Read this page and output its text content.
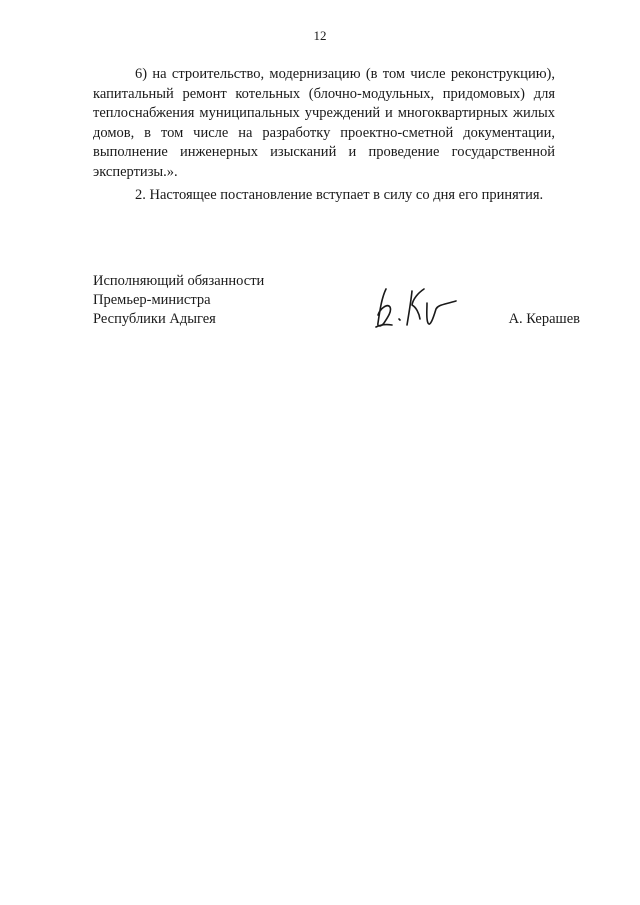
12
6) на строительство, модернизацию (в том числе реконструкцию),
капитальный ремонт котельных (блочно-модульных, придомовых) для
теплоснабжения муниципальных учреждений и многоквартирных жилых
домов, в том числе на разработку проектно-сметной документации,
выполнение инженерных изысканий и проведение государственной
экспертизы.».
2. Настоящее постановление вступает в силу со дня его принятия.
Исполняющий обязанности
Премьер-министра
Республики Адыгея	А. Керашев
